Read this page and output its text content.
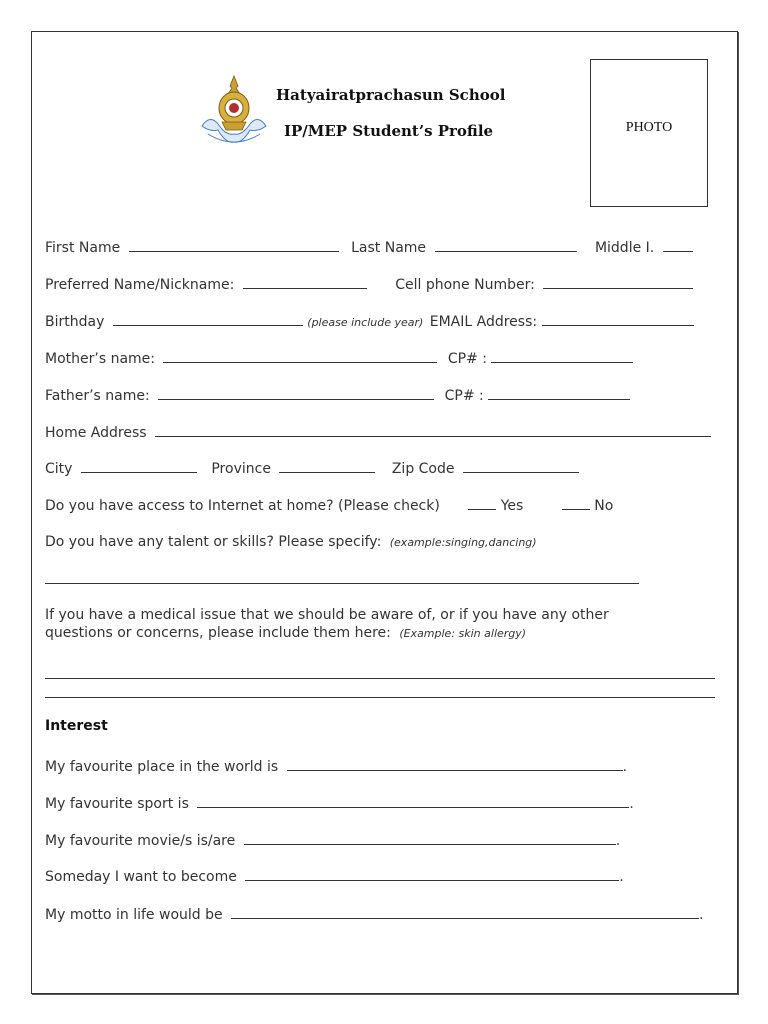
Hatyairatprachasun School
IP/MEP Student’s Profile	PHOTO
First Name	Last Name	Middle I.
Preferred Name/Nickname:	Cell phone Number:
Birthday	(please include year) EMAIL Address:
Mother’s name:	CP# :
Father’s name:	CP# :
Home Address
City	Province	Zip Code
Do you have access to Internet at home? (Please check)	Yes	No
Do you have any talent or skills? Please specify: (example:singing,dancing)
If you have a medical issue that we should be aware of, or if you have any other
questions or concerns, please include them here: (Example: skin allergy)
Interest
My favourite place in the world is	.
My favourite sport is	.
My favourite movie/s is/are	.
Someday I want to become	.
My motto in life would be	.
